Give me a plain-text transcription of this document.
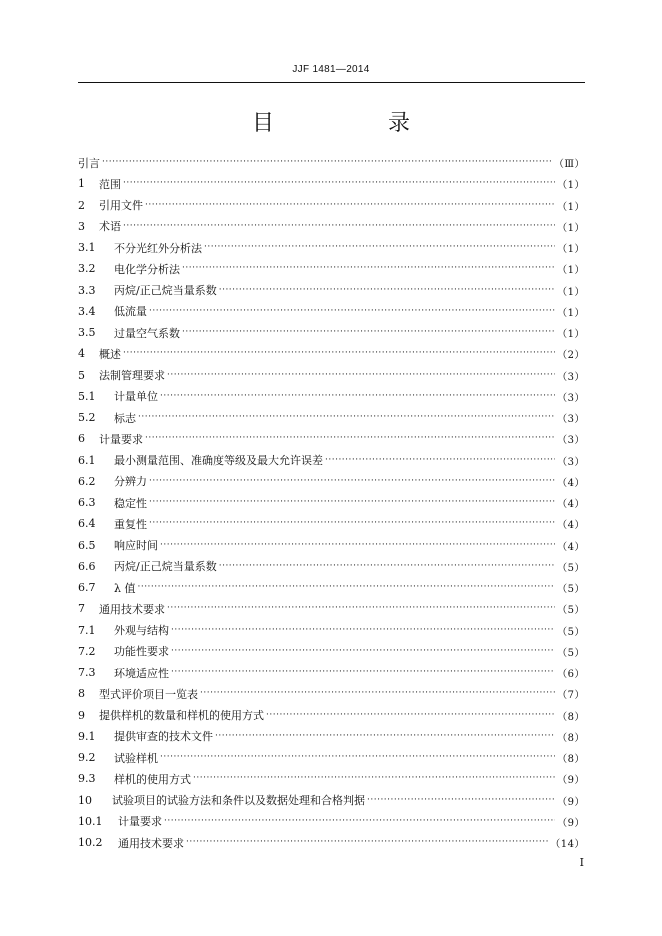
JJF 1481—2014
目　录
引言 ·····	（Ⅲ）
1	范围 ·····	（1）
2	引用文件 ·····	（1）
3	术语 ·····	（1）
3.1	不分光红外分析法 ·····	（1）
3.2	电化学分析法 ·····	（1）
3.3	丙烷/正己烷当量系数 ·····	（1）
3.4	低流量 ·····	（1）
3.5	过量空气系数 ·····	（1）
4	概述 ·····	（2）
5	法制管理要求 ·····	（3）
5.1	计量单位 ·····	（3）
5.2	标志 ·····	（3）
6	计量要求 ·····	（3）
6.1	最小测量范围、准确度等级及最大允许误差 ·····	（3）
6.2	分辨力 ·····	（4）
6.3	稳定性 ·····	（4）
6.4	重复性 ·····	（4）
6.5	响应时间 ·····	（4）
6.6	丙烷/正己烷当量系数 ·····	（5）
6.7	λ 值 ·····	（5）
7	通用技术要求 ·····	（5）
7.1	外观与结构 ·····	（5）
7.2	功能性要求 ·····	（5）
7.3	环境适应性 ·····	（6）
8	型式评价项目一览表 ·····	（7）
9	提供样机的数量和样机的使用方式 ·····	（8）
9.1	提供审查的技术文件 ·····	（8）
9.2	试验样机 ·····	（8）
9.3	样机的使用方式 ·····	（9）
10	试验项目的试验方法和条件以及数据处理和合格判据 ·····	（9）
10.1	计量要求 ·····	（9）
10.2	通用技术要求 ·····	（14）
I
